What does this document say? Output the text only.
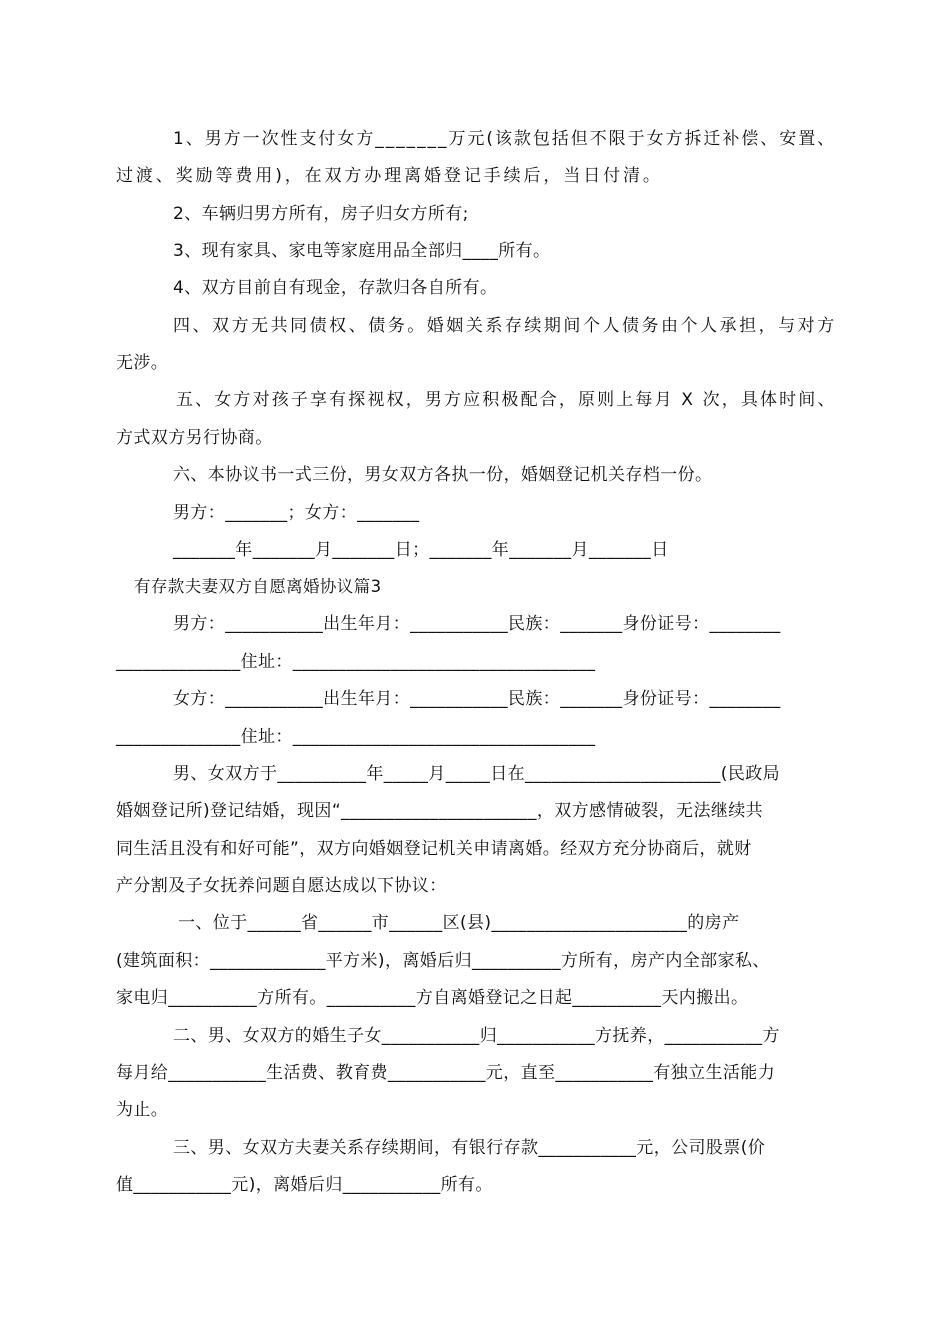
1、男方一次性支付女方_______万元(该款包括但不限于女方拆迁补偿、安置、
过渡、奖励等费用)，在双方办理离婚登记手续后，当日付清。
2、车辆归男方所有，房子归女方所有;
3、现有家具、家电等家庭用品全部归____所有。
4、双方目前自有现金，存款归各自所有。
四、双方无共同债权、债务。婚姻关系存续期间个人债务由个人承担，与对方
无涉。
五、女方对孩子享有探视权，男方应积极配合，原则上每月 X 次，具体时间、
方式双方另行协商。
六、本协议书一式三份，男女双方各执一份，婚姻登记机关存档一份。
男方：_______；女方：_______
_______年_______月_______日；_______年_______月_______日
有存款夫妻双方自愿离婚协议篇3
男方：___________出生年月：___________民族：_______身份证号：________
______________住址：__________________________________
女方：___________出生年月：___________民族：_______身份证号：________
______________住址：__________________________________
男、女双方于__________年_____月_____日在______________________(民政局
婚姻登记所)登记结婚，现因“______________________，双方感情破裂，无法继续共
同生活且没有和好可能”，双方向婚姻登记机关申请离婚。经双方充分协商后，就财
产分割及子女抚养问题自愿达成以下协议：
一、位于______省______市______区(县)______________________的房产
(建筑面积：_____________平方米)，离婚后归__________方所有，房产内全部家私、
家电归__________方所有。__________方自离婚登记之日起__________天内搬出。
二、男、女双方的婚生子女___________归___________方抚养，___________方
每月给___________生活费、教育费___________元，直至___________有独立生活能力
为止。
三、男、女双方夫妻关系存续期间，有银行存款___________元，公司股票(价
值___________元)，离婚后归___________所有。
